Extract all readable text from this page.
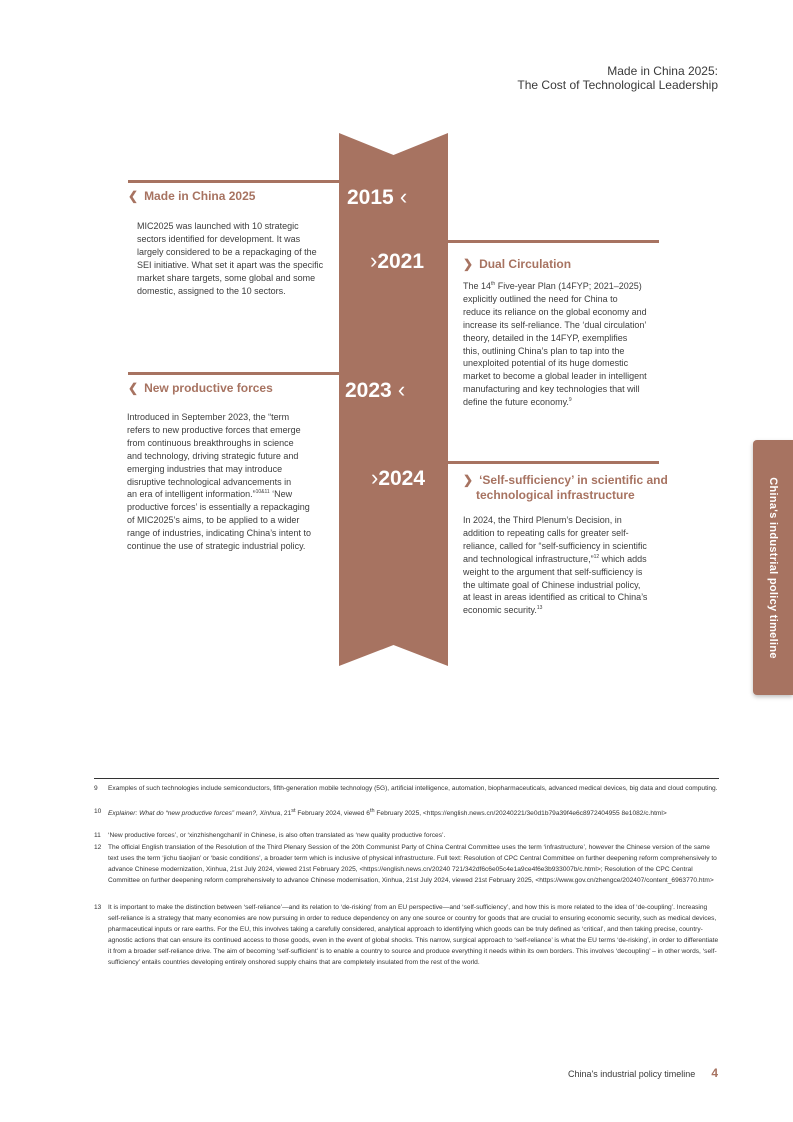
Made in China 2025:
The Cost of Technological Leadership
2015 ‹
›2021
2023 ‹
›2024
❮ Made in China 2025
MIC2025 was launched with 10 strategic
sectors identified for development. It was
largely considered to be a repackaging of the
SEI initiative. What set it apart was the specific
market share targets, some global and some
domestic, assigned to the 10 sectors.
❯ Dual Circulation
The 14th Five-year Plan (14FYP; 2021–2025)
explicitly outlined the need for China to
reduce its reliance on the global economy and
increase its self-reliance. The ‘dual circulation’
theory, detailed in the 14FYP, exemplifies
this, outlining China’s plan to tap into the
unexploited potential of its huge domestic
market to become a global leader in intelligent
manufacturing and key technologies that will
define the future economy.$^9$
❮ New productive forces
Introduced in September 2023, the “term
refers to new productive forces that emerge
from continuous breakthroughs in science
and technology, driving strategic future and
emerging industries that may introduce
disruptive technological advancements in
an era of intelligent information.”$^{10\&11}$ ‘New
productive forces’ is essentially a repackaging
of MIC2025’s aims, to be applied to a wider
range of industries, indicating China’s intent to
continue the use of strategic industrial policy.
❯ ‘Self-sufficiency’ in scientific and
technological infrastructure
In 2024, the Third Plenum’s Decision, in
addition to repeating calls for greater self-
reliance, called for “self-sufficiency in scientific
and technological infrastructure,”$^{12}$ which adds
weight to the argument that self-sufficiency is
the ultimate goal of Chinese industrial policy,
at least in areas identified as critical to China’s
economic security.$^{13}$	China's industrial policy timeline
9 Examples of such technologies include semiconductors, fifth-generation mobile technology (5G), artificial intelligence, automation, biopharmaceuticals, advanced medical devices, big data and cloud computing.
10 Explainer: What do “new productive forces” mean?, Xinhua, 21st February 2024, viewed 6th February 2025, <https://english.news.cn/20240221/3e0d1b79a39f4e6c8972404955 8e1082/c.html>
11 ‘New productive forces’, or ‘xinzhishengchanli’ in Chinese, is also often translated as ‘new quality productive forces’.
12 The official English translation of the Resolution of the Third Plenary Session of the 20th Communist Party of China Central Committee uses the term ‘infrastructure’, however the Chinese version of the same text uses the term ‘jichu tiaojian’ or ‘basic conditions’, a broader term which is inclusive of physical infrastructure. Full text: Resolution of CPC Central Committee on further deepening reform comprehensively to advance Chinese modernization, Xinhua, 21st July 2024, viewed 21st February 2025, <https://english.news.cn/20240 721/342df6c6e05c4e1a9ce4f6e3b933007b/c.html>; Resolution of the CPC Central Committee on further deepening reform comprehensively to advance Chinese modernisation, Xinhua, 21st July 2024, viewed 21st February 2025, <https://www.gov.cn/zhengce/202407/content_6963770.htm>
13 It is important to make the distinction between ‘self-reliance’—and its relation to ‘de-risking’ from an EU perspective—and ‘self-sufficiency’, and how this is more related to the idea of ‘de-coupling’. Increasing self-reliance is a strategy that many economies are now pursuing in order to reduce dependency on any one source or country for goods that are crucial to ensuring economic security, such as medical devices, pharmaceutical inputs or rare earths. For the EU, this involves taking a carefully considered, analytical approach to identifying which goods can be truly defined as ‘critical’, and then taking precise, country-agnostic actions that can ensure its continued access to those goods, even in the event of global shocks. This narrow, surgical approach to ‘self-reliance’ is what the EU terms ‘de-risking’, in order to differentiate it from a broader self-reliance drive. The aim of becoming ‘self-sufficient’ is to enable a country to source and produce everything it needs within its own borders. This involves ‘decoupling’ – in other words, ‘self-sufficiency’ entails countries developing entirely onshored supply chains that are completely insulated from the rest of the world.
China's industrial policy timeline 4
